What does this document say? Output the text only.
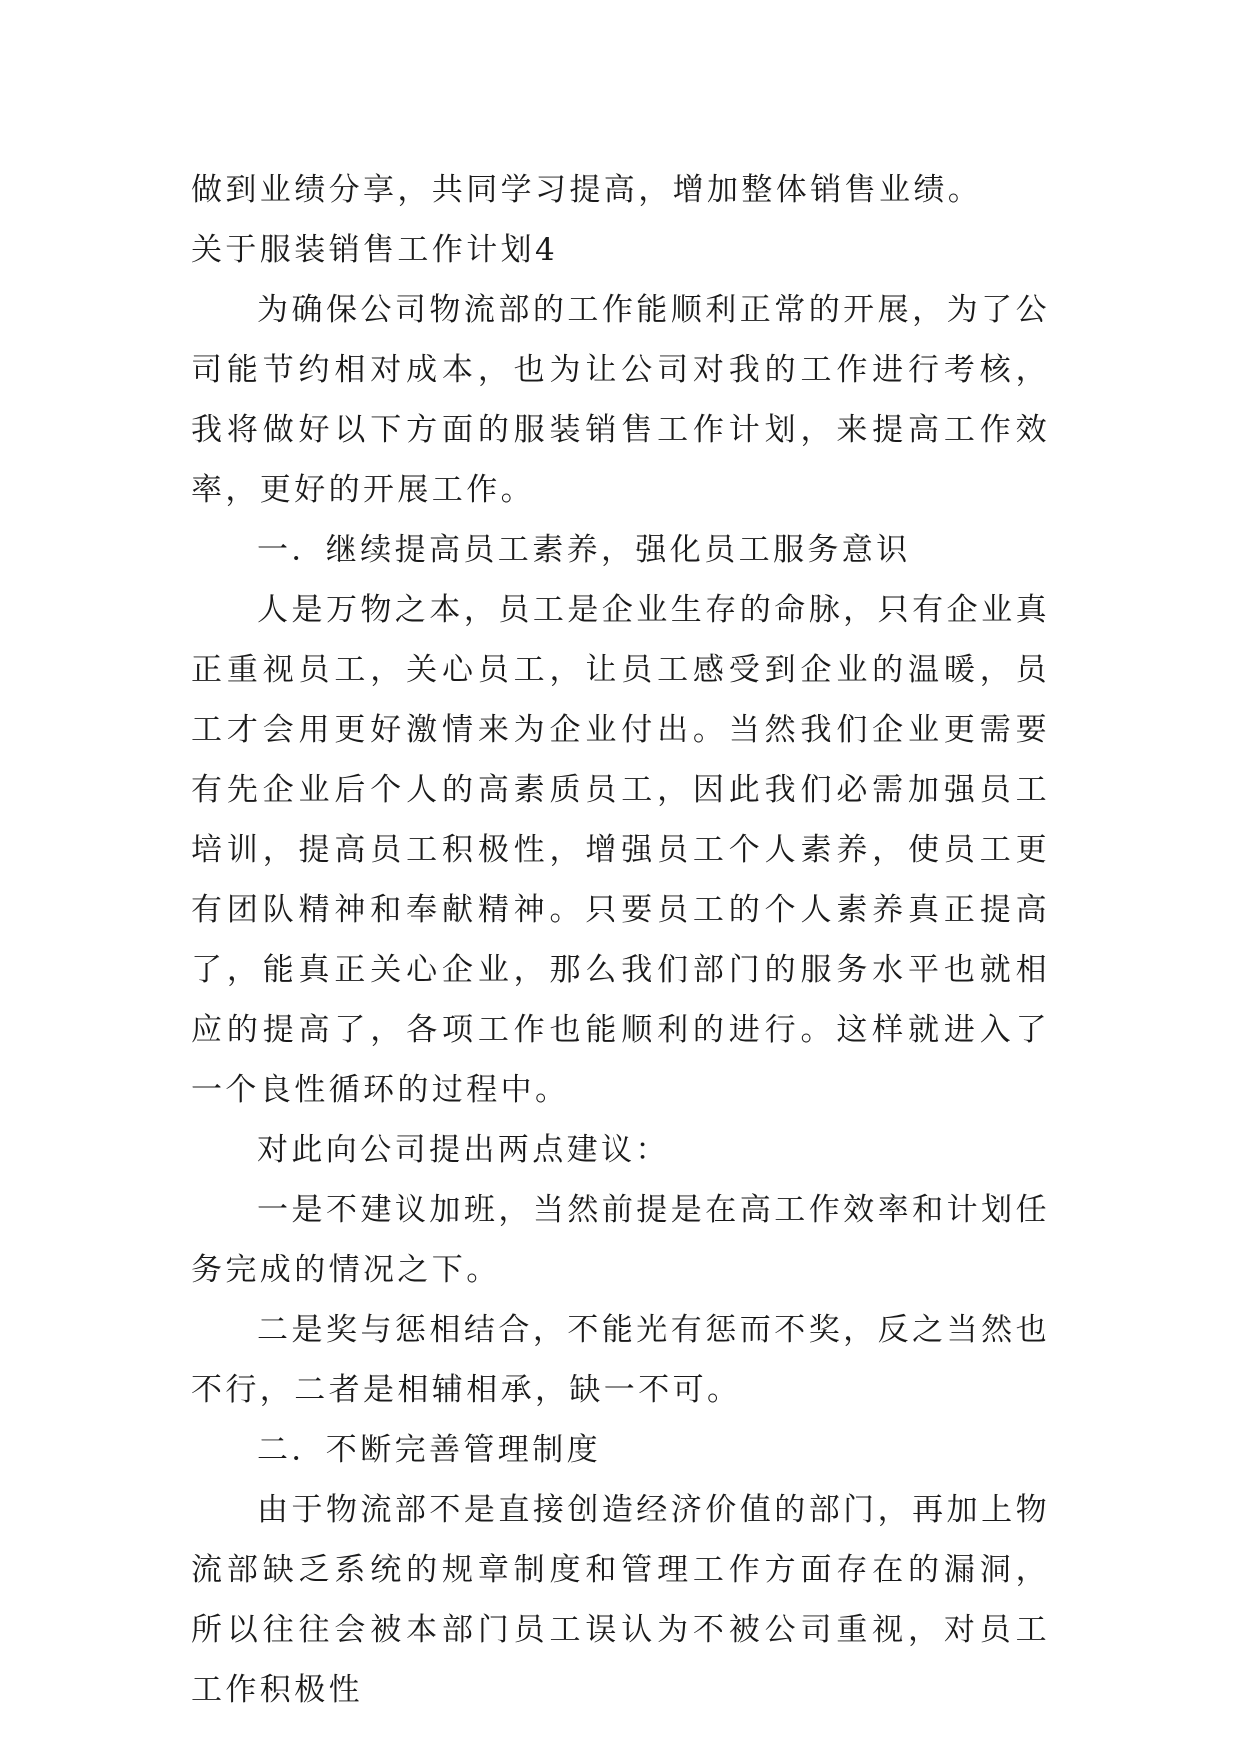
做到业绩分享，共同学习提高，增加整体销售业绩。

关于服装销售工作计划4

为确保公司物流部的工作能顺利正常的开展，为了公司能节约相对成本，也为让公司对我的工作进行考核，我将做好以下方面的服装销售工作计划，来提高工作效率，更好的开展工作。

一．继续提高员工素养，强化员工服务意识

人是万物之本，员工是企业生存的命脉，只有企业真正重视员工，关心员工，让员工感受到企业的温暖，员工才会用更好激情来为企业付出。当然我们企业更需要有先企业后个人的高素质员工，因此我们必需加强员工培训，提高员工积极性，增强员工个人素养，使员工更有团队精神和奉献精神。只要员工的个人素养真正提高了，能真正关心企业，那么我们部门的服务水平也就相应的提高了，各项工作也能顺利的进行。这样就进入了一个良性循环的过程中。

对此向公司提出两点建议：

一是不建议加班，当然前提是在高工作效率和计划任务完成的情况之下。

二是奖与惩相结合，不能光有惩而不奖，反之当然也不行，二者是相辅相承，缺一不可。

二．不断完善管理制度

由于物流部不是直接创造经济价值的部门，再加上物流部缺乏系统的规章制度和管理工作方面存在的漏洞，所以往往会被本部门员工误认为不被公司重视，对员工工作积极性
